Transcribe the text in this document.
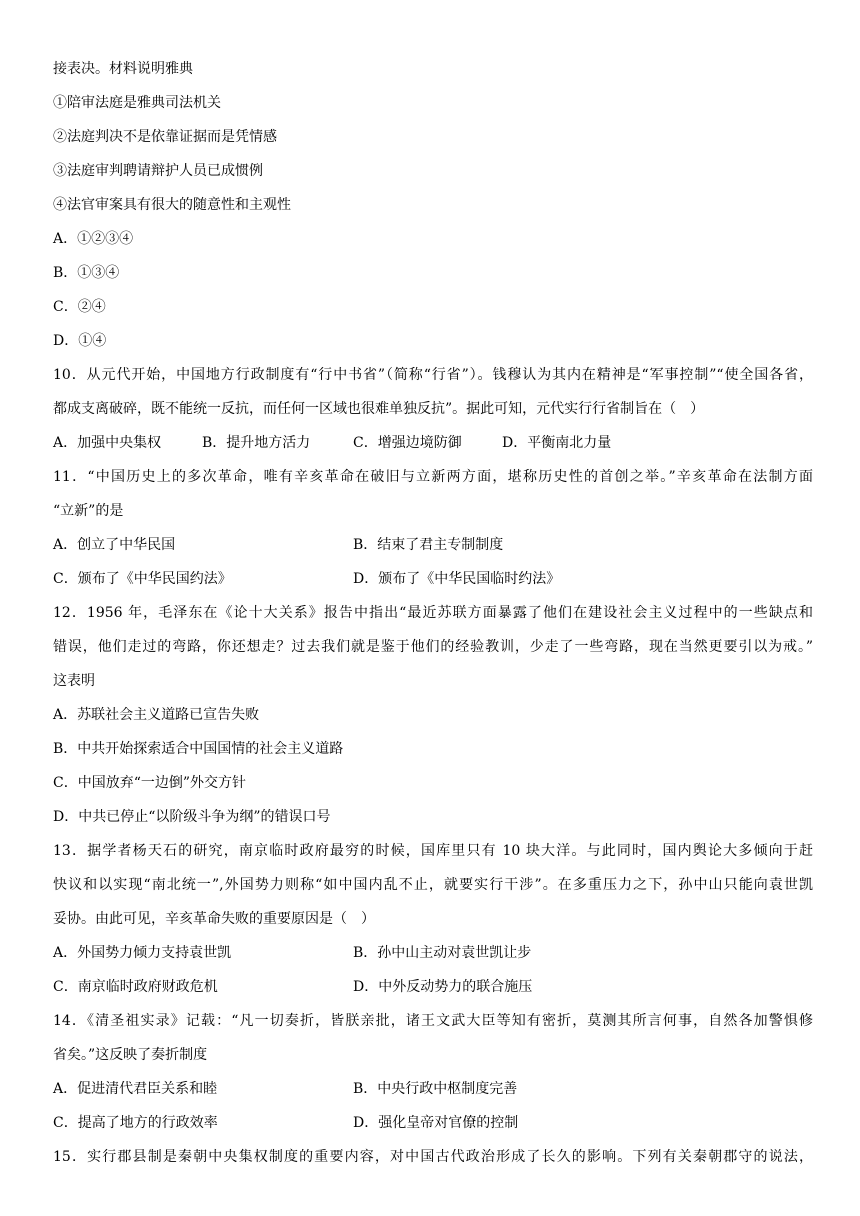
接表决。材料说明雅典
①陪审法庭是雅典司法机关
②法庭判决不是依靠证据而是凭情感
③法庭审判聘请辩护人员已成惯例
④法官审案具有很大的随意性和主观性
A．①②③④
B．①③④
C．②④
D．①④
10．从元代开始，中国地方行政制度有“行中书省”（简称“行省”）。钱穆认为其内在精神是“军事控制”“使全国各省，
都成支离破碎，既不能统一反抗，而任何一区域也很难单独反抗”。据此可知，元代实行行省制旨在（　）
A．加强中央集权	B．提升地方活力	C．增强边境防御	D．平衡南北力量
11．“中国历史上的多次革命，唯有辛亥革命在破旧与立新两方面，堪称历史性的首创之举。”辛亥革命在法制方面
“立新”的是
A．创立了中华民国	B．结束了君主专制制度
C．颁布了《中华民国约法》	D．颁布了《中华民国临时约法》
12．1956 年，毛泽东在《论十大关系》报告中指出“最近苏联方面暴露了他们在建设社会主义过程中的一些缺点和
错误，他们走过的弯路，你还想走？过去我们就是鉴于他们的经验教训，少走了一些弯路，现在当然更要引以为戒。”
这表明
A．苏联社会主义道路已宣告失败
B．中共开始探索适合中国国情的社会主义道路
C．中国放弃“一边倒”外交方针
D．中共已停止“以阶级斗争为纲”的错误口号
13．据学者杨天石的研究，南京临时政府最穷的时候，国库里只有 10 块大洋。与此同时，国内舆论大多倾向于赶
快议和以实现“南北统一”,外国势力则称“如中国内乱不止，就要实行干涉”。在多重压力之下，孙中山只能向袁世凯
妥协。由此可见，辛亥革命失败的重要原因是（　）
A．外国势力倾力支持袁世凯	B．孙中山主动对袁世凯让步
C．南京临时政府财政危机	D．中外反动势力的联合施压
14．《清圣祖实录》记载：“凡一切奏折，皆朕亲批，诸王文武大臣等知有密折，莫测其所言何事，自然各加警惧修
省矣。”这反映了奏折制度
A．促进清代君臣关系和睦	B．中央行政中枢制度完善
C．提高了地方的行政效率	D．强化皇帝对官僚的控制
15．实行郡县制是秦朝中央集权制度的重要内容，对中国古代政治形成了长久的影响。下列有关秦朝郡守的说法，
